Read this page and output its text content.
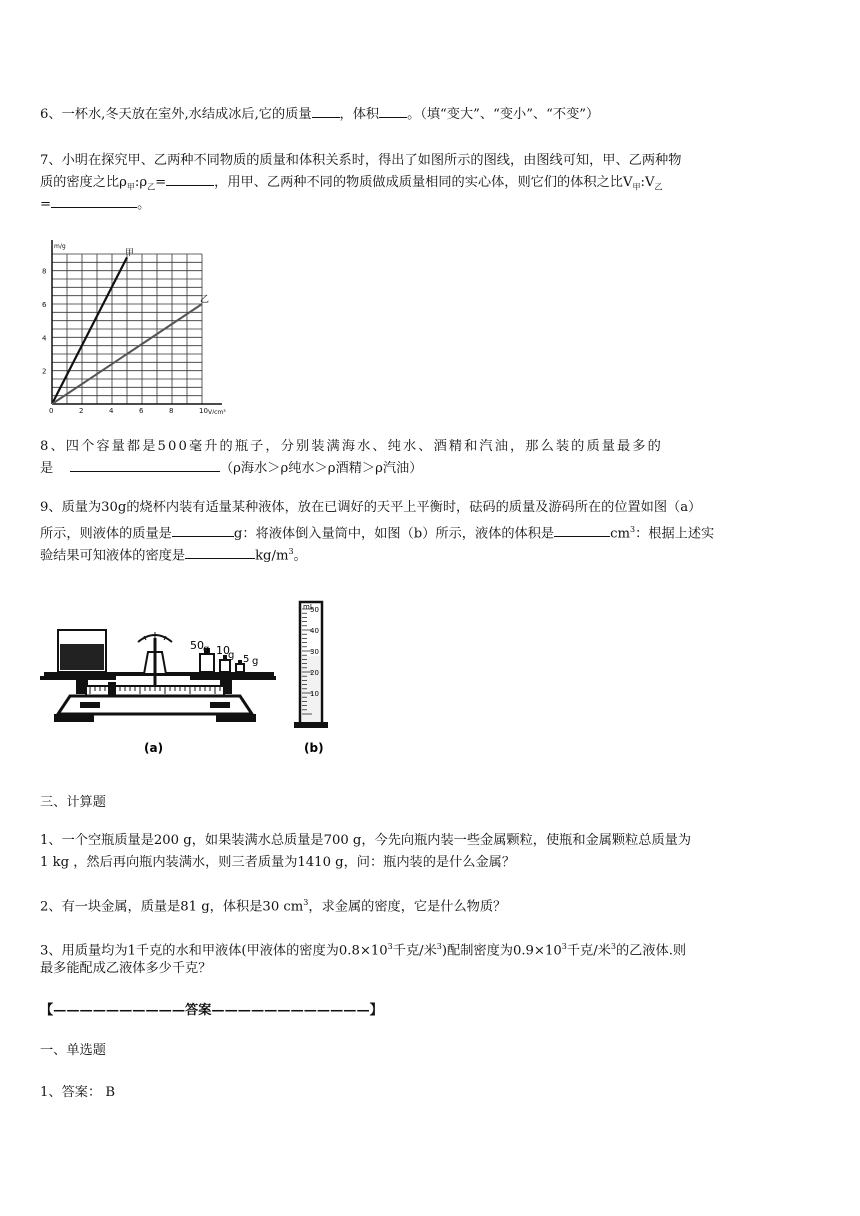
6、一杯水,冬天放在室外,水结成冰后,它的质量 ，体积 。（填“变大”、“变小”、“不变”）
7、小明在探究甲、乙两种不同物质的质量和体积关系时，得出了如图所示的图线，由图线可知，甲、乙两种物
质的密度之比$\rho_甲:\rho_乙=$	，用甲、乙两种不同的物质做成质量相同的实心体，则它们的体积之比$V_甲:V_乙$
=	。
甲
乙
0	2	4	6	8	10
2
4
6
8
V/cm³
m/g
8、四个容量都是500毫升的瓶子，分别装满海水、纯水、酒精和汽油，那么装的质量最多的
是	（ρ海水＞ρ纯水＞ρ酒精＞ρ汽油）
9、质量为30g的烧杯内装有适量某种液体，放在已调好的天平上平衡时，砝码的质量及游码所在的位置如图（a）
所示，则液体的质量是	g：将液体倒入量筒中，如图（b）所示，液体的体积是	$cm^3$：根据上述实
验结果可知液体的密度是	$kg/m^3$。
50 g 10
g 5 g
(a)
mL
50
40
30
20
10
(b)
三、计算题
1、一个空瓶质量是200 g，如果装满水总质量是700 g，今先向瓶内装一些金属颗粒，使瓶和金属颗粒总质量为
1 kg ，然后再向瓶内装满水，则三者质量为1410 g，问：瓶内装的是什么金属？
2、有一块金属，质量是81 g，体积是30 $cm^3$，求金属的密度，它是什么物质？
3、用质量均为1千克的水和甲液体(甲液体的密度为$0.8\times 10^3$千克/米$^3$)配制密度为$0.9\times 10^3$千克/米$^3$的乙液体.则
最多能配成乙液体多少千克？
【——————————答案————————————】
一、单选题
1、答案： B
